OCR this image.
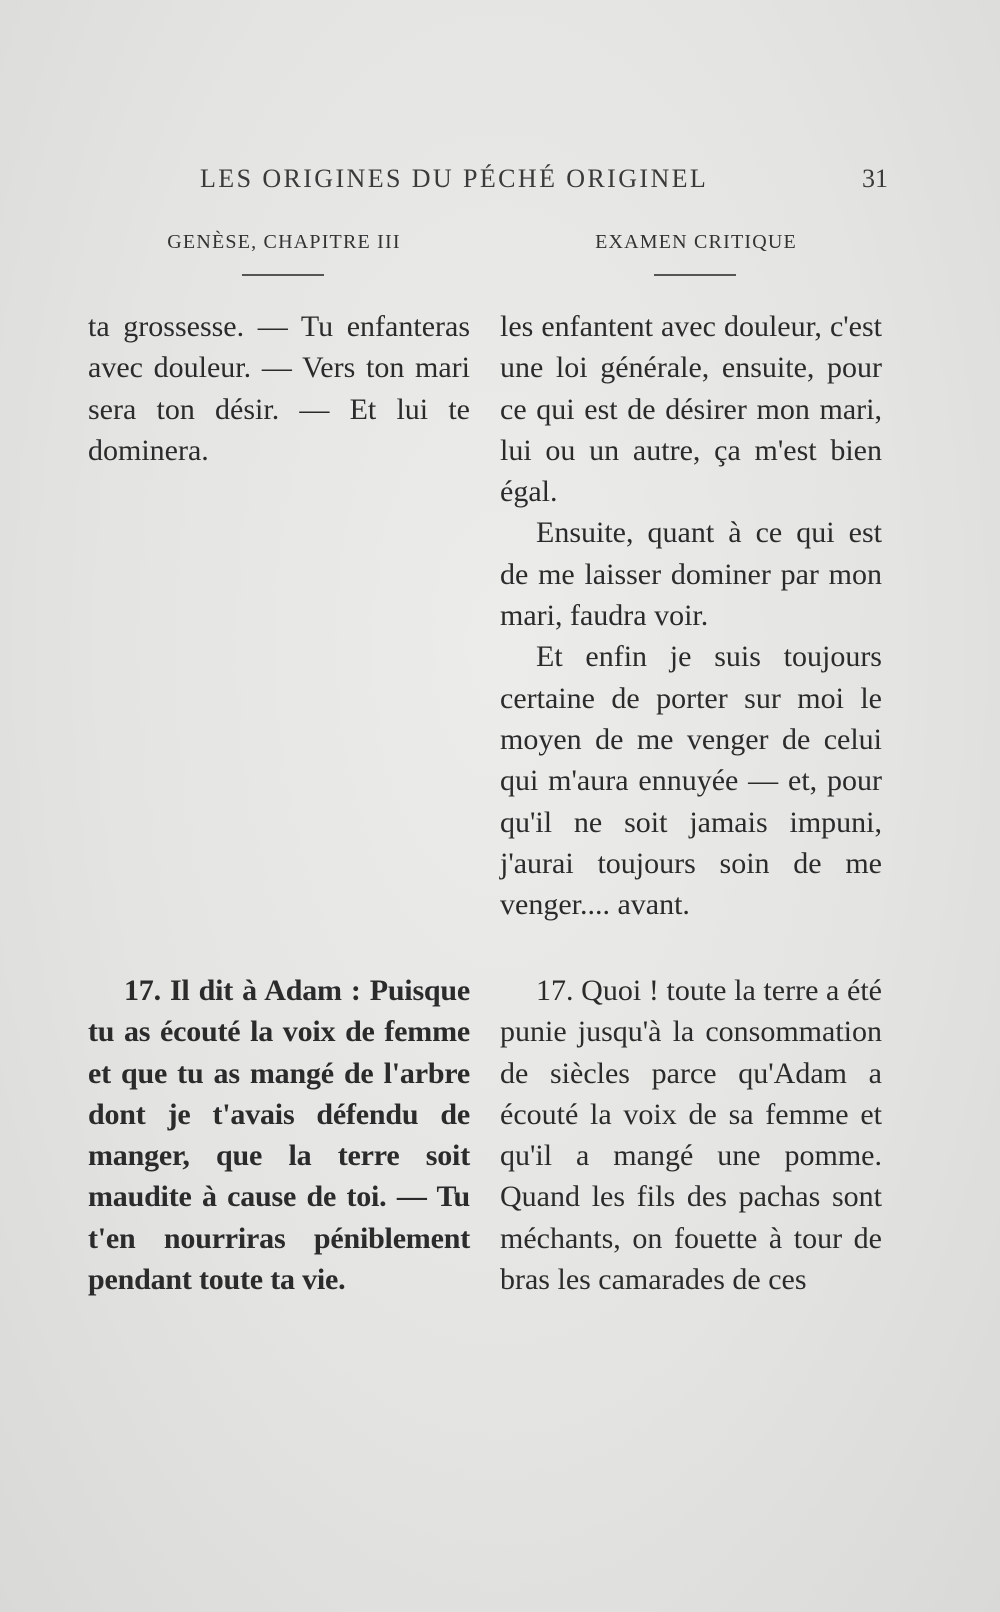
LES ORIGINES DU PÉCHÉ ORIGINEL	31
GENÈSE, CHAPITRE III	EXAMEN CRITIQUE

ta grossesse. — Tu enfanteras avec douleur. — Vers ton mari sera ton désir. — Et lui te dominera.

les enfantent avec douleur, c'est une loi générale, ensuite, pour ce qui est de désirer mon mari, lui ou un autre, ça m'est bien égal.

Ensuite, quant à ce qui est de me laisser dominer par mon mari, faudra voir.

Et enfin je suis toujours certaine de porter sur moi le moyen de me venger de celui qui m'aura ennuyée — et, pour qu'il ne soit jamais impuni, j'aurai toujours soin de me venger.... avant.

17. Il dit à Adam : Puisque tu as écouté la voix de femme et que tu as mangé de l'arbre dont je t'avais défendu de manger, que la terre soit maudite à cause de toi. — Tu t'en nourriras péniblement pendant toute ta vie.

17. Quoi ! toute la terre a été punie jusqu'à la consommation de siècles parce qu'Adam a écouté la voix de sa femme et qu'il a mangé une pomme. Quand les fils des pachas sont méchants, on fouette à tour de bras les camarades de ces
